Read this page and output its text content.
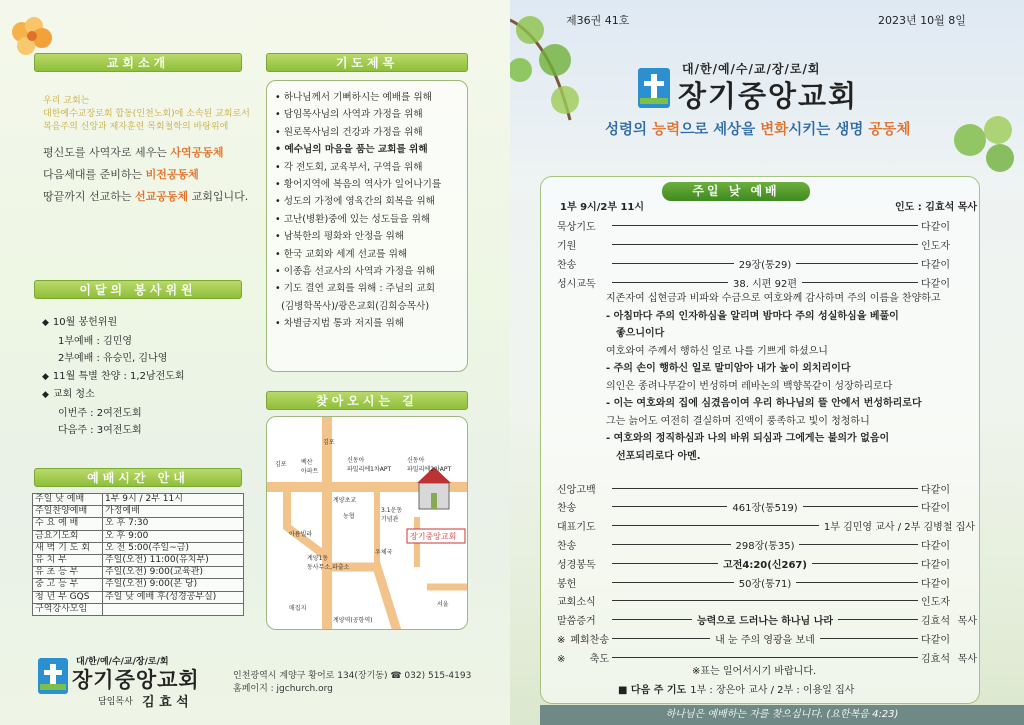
교회소개
우리 교회는
대한예수교장로회 합동(인천노회)에 소속된 교회로서
복음주의 신앙과 제자훈련 목회철학의 바탕위에
평신도를 사역자로 세우는 사역공동체
다음세대를 준비하는 비전공동체
땅끝까지 선교하는 선교공동체 교회입니다.
기도제목
• 하나님께서 기뻐하시는 예배를 위해
• 담임목사님의 사역과 가정을 위해
• 원로목사님의 건강과 가정을 위해
• 예수님의 마음을 품는 교회를 위해
• 각 전도회, 교육부서, 구역을 위해
• 황어지역에 복음의 역사가 일어나기를
• 성도의 가정에 영육간의 회복을 위해
• 고난(병환)중에 있는 성도들을 위해
• 남북한의 평화와 안정을 위해
• 한국 교회와 세계 선교를 위해
• 이종흠 선교사의 사역과 가정을 위해
• 기도 결연 교회를 위해 : 주님의 교회
(김병학목사)/광은교회(김희승목사)
• 차별금지법 통과 저지를 위해
이달의 봉사위원
◆ 10월 봉헌위원
1부예배 : 김민영
2부예배 : 유승민, 김나영
◆ 11월 특별 찬양 : 1,2남전도회
◆ 교회 청소
이번주 : 2여전도회
다음주 : 3여전도회
예배시간 안내
주일 낮 예배	1부 9시 / 2부 11시
주일찬양예배	가정예배
수 요 예 배	오 후 7:30
금요기도회	오 후 9:00
새 벽 기 도 회	오 전 5:00(주일~금)
유 치 부	주일(오전) 11:00(유치부)
유 초 등 부	주일(오전) 9:00(교육관)
중 고 등 부	주일(오전) 9:00(본 당)
청 년 부 GQS	주일 낮 예배 후(성경공부실)
구역강사모임	
찾아오시는 길
김포
김포 백산
아파트
신동아
파밀리에1차APT
신동아
파밀리에2차APT
계양초교
농협
3.1운동
기념관
아름빌라
계양1동
동사무소,파출소
우체국
장기중앙교회
매집지
서울
계양역(공항역)
대/한/예/수/교/장/로/회
장기중앙교회
담임목사 김 효 석
인천광역시 계양구 황어로 134(장기동) ☎ 032) 515-4193
홈페이지 : jgchurch.org
제36권 41호	2023년 10월 8일
대/한/예/수/교/장/로/회
장기중앙교회
성령의 능력으로 세상을 변화시키는 생명 공동체
주일 낮 예배
1부 9시/2부 11시	인도 : 김효석 목사
묵상기도	다같이
기원	인도자
찬송	29장(통29)	다같이
성시교독	38. 시편 92편	다같이
지존자여 십현금과 비파와 수금으로 여호와께 감사하며 주의 이름을 찬양하고
- 아침마다 주의 인자하심을 알리며 밤마다 주의 성실하심을 베풀이
좋으니이다
여호와여 주께서 행하신 일로 나를 기쁘게 하셨으니
- 주의 손이 행하신 일로 말미암아 내가 높이 외치리이다
의인은 종려나무같이 번성하며 레바논의 백향목같이 성장하리로다
- 이는 여호와의 집에 심겼음이여 우리 하나님의 뜰 안에서 번성하리로다
그는 늙어도 여전히 결실하며 진액이 풍족하고 빛이 청청하니
- 여호와의 정직하심과 나의 바위 되심과 그에게는 불의가 없음이
선포되리로다 아멘.
신앙고백	다같이
찬송	461장(통519)	다같이
대표기도	1부 김민영 교사 / 2부 김병철 집사
찬송	298장(통35)	다같이
성경봉독	고전4:20(신267)	다같이
봉헌	50장(통71)	다같이
교회소식	인도자
말씀증거	능력으로 드러나는 하나님 나라	김효석 목사
※폐회찬송	내 눈 주의 영광을 보네	다같이
※축도	김효석 목사
※표는 일어서시기 바랍니다.
■ 다음 주 기도 1부 : 장은아 교사 / 2부 : 이용일 집사
하나님은 예배하는 자를 찾으십니다. (요한복음 4:23)
